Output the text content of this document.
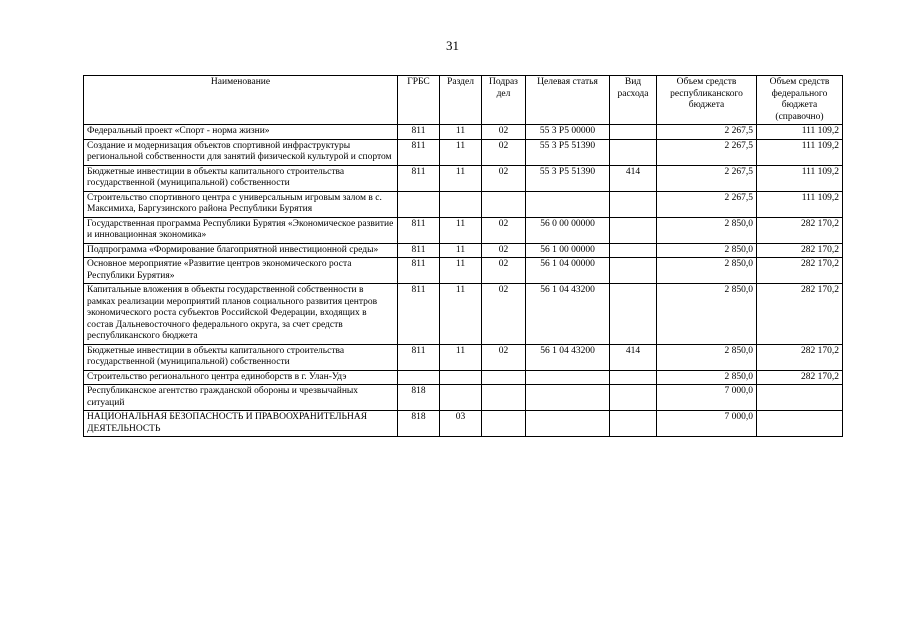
31
Наименование	ГРБС	Раздел	Подраз дел	Целевая статья	Вид расхода	Объем средств республиканского бюджета	Объем средств федерального бюджета (справочно)
Федеральный проект «Спорт - норма жизни»	811	11	02	55 3 P5 00000		2 267,5	111 109,2
Создание и модернизация объектов спортивной инфраструктуры региональной собственности для занятий физической культурой и спортом	811	11	02	55 3 P5 51390		2 267,5	111 109,2
Бюджетные инвестиции в объекты капитального строительства государственной (муниципальной) собственности	811	11	02	55 3 P5 51390	414	2 267,5	111 109,2
Строительство спортивного центра с универсальным игровым залом в с. Максимиха, Баргузинского района Республики Бурятия						2 267,5	111 109,2
Государственная программа Республики Бурятия «Экономическое развитие и инновационная экономика»	811	11	02	56 0 00 00000		2 850,0	282 170,2
Подпрограмма «Формирование благоприятной инвестиционной среды»	811	11	02	56 1 00 00000		2 850,0	282 170,2
Основное мероприятие «Развитие центров экономического роста Республики Бурятия»	811	11	02	56 1 04 00000		2 850,0	282 170,2
Капитальные вложения в объекты государственной собственности в рамках реализации мероприятий планов социального развития центров экономического роста субъектов Российской Федерации, входящих в состав Дальневосточного федерального округа, за счет средств республиканского бюджета	811	11	02	56 1 04 43200		2 850,0	282 170,2
Бюджетные инвестиции в объекты капитального строительства государственной (муниципальной) собственности	811	11	02	56 1 04 43200	414	2 850,0	282 170,2
Строительство регионального центра единоборств в г. Улан-Удэ						2 850,0	282 170,2
Республиканское агентство гражданской обороны и чрезвычайных ситуаций	818					7 000,0	
НАЦИОНАЛЬНАЯ БЕЗОПАСНОСТЬ И ПРАВООХРАНИТЕЛЬНАЯ ДЕЯТЕЛЬНОСТЬ	818	03				7 000,0	
